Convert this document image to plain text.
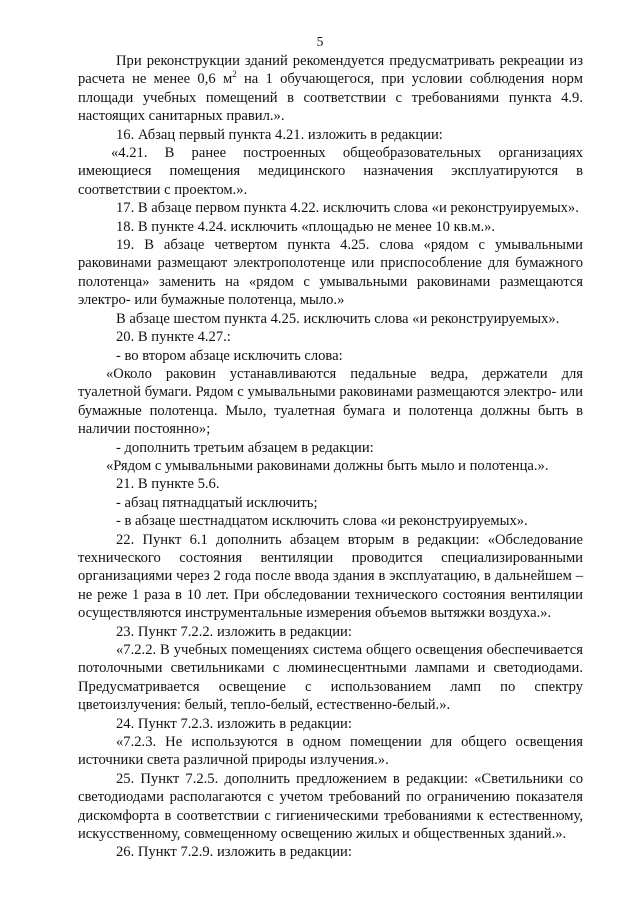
5

При реконструкции зданий рекомендуется предусматривать рекреации из расчета не менее 0,6 $м^2$ на 1 обучающегося, при условии соблюдения норм площади учебных помещений в соответствии с требованиями пункта 4.9. настоящих санитарных правил.».

16. Абзац первый пункта 4.21. изложить в редакции:

«4.21. В ранее построенных общеобразовательных организациях имеющиеся помещения медицинского назначения эксплуатируются в соответствии с проектом.».

17. В абзаце первом пункта 4.22. исключить слова «и реконструируемых».

18. В пункте 4.24. исключить «площадью не менее 10 кв.м.».

19. В абзаце четвертом пункта 4.25. слова «рядом с умывальными раковинами размещают электрополотенце или приспособление для бумажного полотенца» заменить на «рядом с умывальными раковинами размещаются электро- или бумажные полотенца, мыло.»

В абзаце шестом пункта 4.25. исключить слова «и реконструируемых».

20. В пункте 4.27.:

- во втором абзаце исключить слова:

«Около раковин устанавливаются педальные ведра, держатели для туалетной бумаги. Рядом с умывальными раковинами размещаются электро- или бумажные полотенца. Мыло, туалетная бумага и полотенца должны быть в наличии постоянно»;

- дополнить третьим абзацем в редакции:

«Рядом с умывальными раковинами должны быть мыло и полотенца.».

21. В пункте 5.6.

- абзац пятнадцатый исключить;

- в абзаце шестнадцатом исключить слова «и реконструируемых».

22. Пункт 6.1 дополнить абзацем вторым в редакции: «Обследование технического состояния вентиляции проводится специализированными организациями через 2 года после ввода здания в эксплуатацию, в дальнейшем – не реже 1 раза в 10 лет. При обследовании технического состояния вентиляции осуществляются инструментальные измерения объемов вытяжки воздуха.».

23. Пункт 7.2.2. изложить в редакции:

«7.2.2. В учебных помещениях система общего освещения обеспечивается потолочными светильниками с люминесцентными лампами и светодиодами. Предусматривается освещение с использованием ламп по спектру цветоизлучения: белый, тепло-белый, естественно-белый.».

24. Пункт 7.2.3. изложить в редакции:

«7.2.3. Не используются в одном помещении для общего освещения источники света различной природы излучения.».

25. Пункт 7.2.5. дополнить предложением в редакции: «Светильники со светодиодами располагаются с учетом требований по ограничению показателя дискомфорта в соответствии с гигиеническими требованиями к естественному, искусственному, совмещенному освещению жилых и общественных зданий.».

26. Пункт 7.2.9. изложить в редакции:
